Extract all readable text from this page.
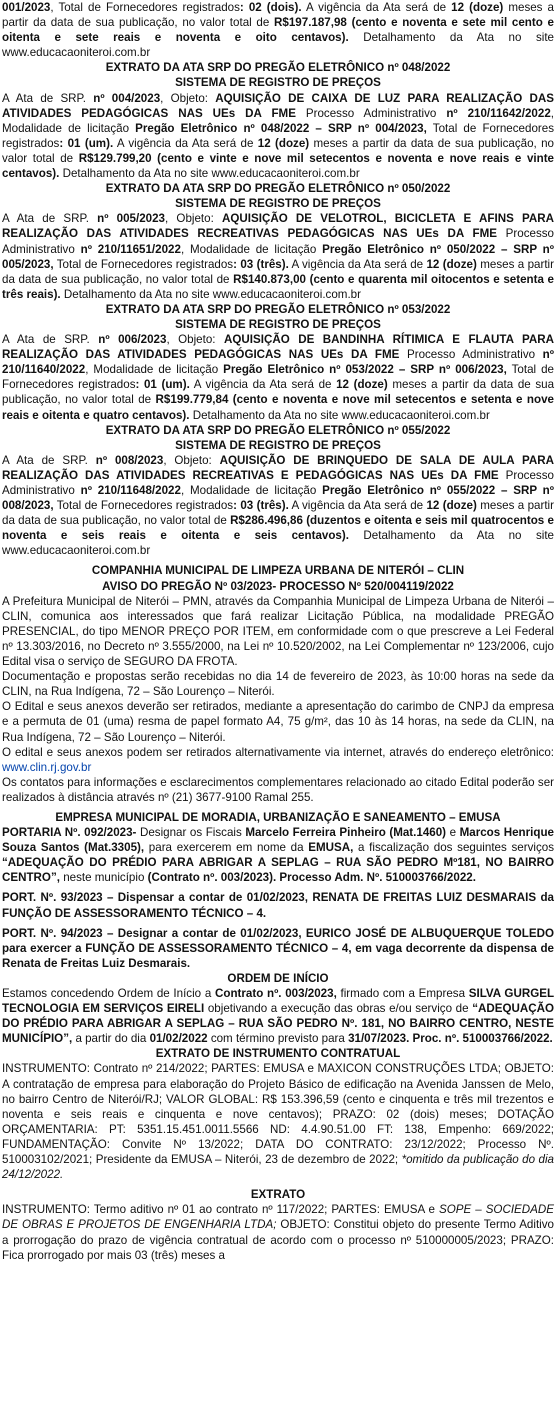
001/2023, Total de Fornecedores registrados: 02 (dois). A vigência da Ata será de 12 (doze) meses a partir da data de sua publicação, no valor total de R$197.187,98 (cento e noventa e sete mil cento e oitenta e sete reais e noventa e oito centavos). Detalhamento da Ata no site www.educacaoniteroi.com.br

EXTRATO DA ATA SRP DO PREGÃO ELETRÔNICO nº 048/2022

SISTEMA DE REGISTRO DE PREÇOS

A Ata de SRP. nº 004/2023, Objeto: AQUISIÇÃO DE CAIXA DE LUZ PARA REALIZAÇÃO DAS ATIVIDADES PEDAGÓGICAS NAS UEs DA FME Processo Administrativo nº 210/11642/2022, Modalidade de licitação Pregão Eletrônico nº 048/2022 – SRP nº 004/2023, Total de Fornecedores registrados: 01 (um). A vigência da Ata será de 12 (doze) meses a partir da data de sua publicação, no valor total de R$129.799,20 (cento e vinte e nove mil setecentos e noventa e nove reais e vinte centavos). Detalhamento da Ata no site www.educacaoniteroi.com.br

EXTRATO DA ATA SRP DO PREGÃO ELETRÔNICO nº 050/2022

SISTEMA DE REGISTRO DE PREÇOS

A Ata de SRP. nº 005/2023, Objeto: AQUISIÇÃO DE VELOTROL, BICICLETA E AFINS PARA REALIZAÇÃO DAS ATIVIDADES RECREATIVAS PEDAGÓGICAS NAS UEs DA FME Processo Administrativo nº 210/11651/2022, Modalidade de licitação Pregão Eletrônico nº 050/2022 – SRP nº 005/2023, Total de Fornecedores registrados: 03 (três). A vigência da Ata será de 12 (doze) meses a partir da data de sua publicação, no valor total de R$140.873,00 (cento e quarenta mil oitocentos e setenta e três reais). Detalhamento da Ata no site www.educacaoniteroi.com.br

EXTRATO DA ATA SRP DO PREGÃO ELETRÔNICO nº 053/2022

SISTEMA DE REGISTRO DE PREÇOS

A Ata de SRP. nº 006/2023, Objeto: AQUISIÇÃO DE BANDINHA RÍTIMICA E FLAUTA PARA REALIZAÇÃO DAS ATIVIDADES PEDAGÓGICAS NAS UEs DA FME Processo Administrativo nº 210/11640/2022, Modalidade de licitação Pregão Eletrônico nº 053/2022 – SRP nº 006/2023, Total de Fornecedores registrados: 01 (um). A vigência da Ata será de 12 (doze) meses a partir da data de sua publicação, no valor total de R$199.779,84 (cento e noventa e nove mil setecentos e setenta e nove reais e oitenta e quatro centavos). Detalhamento da Ata no site www.educacaoniteroi.com.br

EXTRATO DA ATA SRP DO PREGÃO ELETRÔNICO nº 055/2022

SISTEMA DE REGISTRO DE PREÇOS

A Ata de SRP. nº 008/2023, Objeto: AQUISIÇÃO DE BRINQUEDO DE SALA DE AULA PARA REALIZAÇÃO DAS ATIVIDADES RECREATIVAS E PEDAGÓGICAS NAS UEs DA FME Processo Administrativo nº 210/11648/2022, Modalidade de licitação Pregão Eletrônico nº 055/2022 – SRP nº 008/2023, Total de Fornecedores registrados: 03 (três). A vigência da Ata será de 12 (doze) meses a partir da data de sua publicação, no valor total de R$286.496,86 (duzentos e oitenta e seis mil quatrocentos e noventa e seis reais e oitenta e seis centavos). Detalhamento da Ata no site www.educacaoniteroi.com.br

COMPANHIA MUNICIPAL DE LIMPEZA URBANA DE NITERÓI – CLIN

AVISO DO PREGÃO Nº 03/2023- PROCESSO Nº 520/004119/2022

A Prefeitura Municipal de Niterói – PMN, através da Companhia Municipal de Limpeza Urbana de Niterói – CLIN, comunica aos interessados que fará realizar Licitação Pública, na modalidade PREGÃO PRESENCIAL, do tipo MENOR PREÇO POR ITEM, em conformidade com o que prescreve a Lei Federal nº 13.303/2016, no Decreto nº 3.555/2000, na Lei nº 10.520/2002, na Lei Complementar nº 123/2006, cujo Edital visa o serviço de SEGURO DA FROTA.

Documentação e propostas serão recebidas no dia 14 de fevereiro de 2023, às 10:00 horas na sede da CLIN, na Rua Indígena, 72 – São Lourenço – Niterói.

O Edital e seus anexos deverão ser retirados, mediante a apresentação do carimbo de CNPJ da empresa e a permuta de 01 (uma) resma de papel formato A4, 75 g/m², das 10 às 14 horas, na sede da CLIN, na Rua Indígena, 72 – São Lourenço – Niterói.

O edital e seus anexos podem ser retirados alternativamente via internet, através do endereço eletrônico: www.clin.rj.gov.br

Os contatos para informações e esclarecimentos complementares relacionado ao citado Edital poderão ser realizados à distância através nº (21) 3677-9100 Ramal 255.

EMPRESA MUNICIPAL DE MORADIA, URBANIZAÇÃO E SANEAMENTO – EMUSA

PORTARIA Nº. 092/2023- Designar os Fiscais Marcelo Ferreira Pinheiro (Mat.1460) e Marcos Henrique Souza Santos (Mat.3305), para exercerem em nome da EMUSA, a fiscalização dos seguintes serviços “ADEQUAÇÃO DO PRÉDIO PARA ABRIGAR A SEPLAG – RUA SÃO PEDRO Mº181, NO BAIRRO CENTRO”, neste município (Contrato nº. 003/2023). Processo Adm. Nº. 510003766/2022.

PORT. Nº. 93/2023 – Dispensar a contar de 01/02/2023, RENATA DE FREITAS LUIZ DESMARAIS da FUNÇÃO DE ASSESSORAMENTO TÉCNICO – 4.

PORT. Nº. 94/2023 – Designar a contar de 01/02/2023, EURICO JOSÉ DE ALBUQUERQUE TOLEDO para exercer a FUNÇÃO DE ASSESSORAMENTO TÉCNICO – 4, em vaga decorrente da dispensa de Renata de Freitas Luiz Desmarais.

ORDEM DE INÍCIO

Estamos concedendo Ordem de Início a Contrato nº. 003/2023, firmado com a Empresa SILVA GURGEL TECNOLOGIA EM SERVIÇOS EIRELI objetivando a execução das obras e/ou serviço de “ADEQUAÇÃO DO PRÉDIO PARA ABRIGAR A SEPLAG – RUA SÃO PEDRO Nº. 181, NO BAIRRO CENTRO, NESTE MUNICÍPIO”, a partir do dia 01/02/2022 com término previsto para 31/07/2023. Proc. nº. 510003766/2022.

EXTRATO DE INSTRUMENTO CONTRATUAL

INSTRUMENTO: Contrato nº 214/2022; PARTES: EMUSA e MAXICON CONSTRUÇÕES LTDA; OBJETO: A contratação de empresa para elaboração do Projeto Básico de edificação na Avenida Janssen de Melo, no bairro Centro de Niterói/RJ; VALOR GLOBAL: R$ 153.396,59 (cento e cinquenta e três mil trezentos e noventa e seis reais e cinquenta e nove centavos); PRAZO: 02 (dois) meses; DOTAÇÃO ORÇAMENTARIA: PT: 5351.15.451.0011.5566 ND: 4.4.90.51.00 FT: 138, Empenho: 669/2022; FUNDAMENTAÇÃO: Convite Nº 13/2022; DATA DO CONTRATO: 23/12/2022; Processo Nº. 510003102/2021; Presidente da EMUSA – Niterói, 23 de dezembro de 2022; *omitido da publicação do dia 24/12/2022.

EXTRATO

INSTRUMENTO: Termo aditivo nº 01 ao contrato nº 117/2022; PARTES: EMUSA e SOPE – SOCIEDADE DE OBRAS E PROJETOS DE ENGENHARIA LTDA; OBJETO: Constitui objeto do presente Termo Aditivo a prorrogação do prazo de vigência contratual de acordo com o processo nº 510000005/2023; PRAZO: Fica prorrogado por mais 03 (três) meses a
